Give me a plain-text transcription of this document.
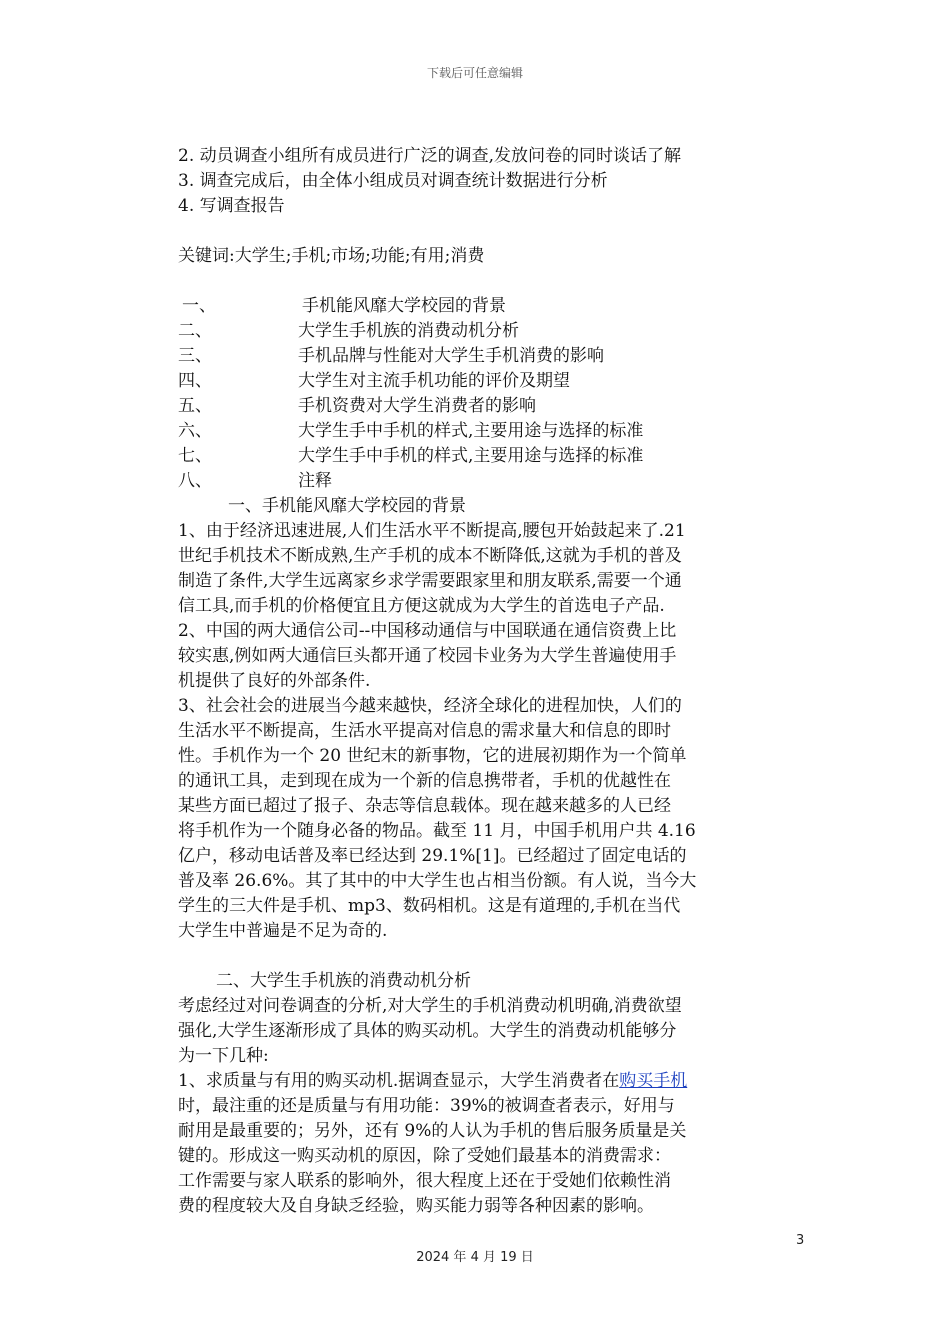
下载后可任意编辑

2. 动员调查小组所有成员进行广泛的调查,发放问卷的同时谈话了解

3. 调查完成后，由全体小组成员对调查统计数据进行分析

4. 写调查报告

关键词:大学生;手机;市场;功能;有用;消费

一、	手机能风靡大学校园的背景
二、	大学生手机族的消费动机分析
三、	手机品牌与性能对大学生手机消费的影响
四、	大学生对主流手机功能的评价及期望
五、	手机资费对大学生消费者的影响
六、	大学生手中手机的样式,主要用途与选择的标准
七、	大学生手中手机的样式,主要用途与选择的标准
八、	注释

一、手机能风靡大学校园的背景

1、由于经济迅速进展,人们生活水平不断提高,腰包开始鼓起来了.21

世纪手机技术不断成熟,生产手机的成本不断降低,这就为手机的普及

制造了条件,大学生远离家乡求学需要跟家里和朋友联系,需要一个通

信工具,而手机的价格便宜且方便这就成为大学生的首选电子产品.

2、中国的两大通信公司--中国移动通信与中国联通在通信资费上比

较实惠,例如两大通信巨头都开通了校园卡业务为大学生普遍使用手

机提供了良好的外部条件.

3、社会社会的进展当今越来越快，经济全球化的进程加快，人们的

生活水平不断提高，生活水平提高对信息的需求量大和信息的即时

性。手机作为一个 20 世纪末的新事物，它的进展初期作为一个简单

的通讯工具，走到现在成为一个新的信息携带者，手机的优越性在

某些方面已超过了报子、杂志等信息载体。现在越来越多的人已经

将手机作为一个随身必备的物品。截至 11 月，中国手机用户共 4.16

亿户，移动电话普及率已经达到 29.1%[1]。已经超过了固定电话的

普及率 26.6%。其了其中的中大学生也占相当份额。有人说，当今大

学生的三大件是手机、mp3、数码相机。这是有道理的,手机在当代

大学生中普遍是不足为奇的.

二、大学生手机族的消费动机分析

考虑经过对问卷调查的分析,对大学生的手机消费动机明确,消费欲望

强化,大学生逐渐形成了具体的购买动机。大学生的消费动机能够分

为一下几种:

1、求质量与有用的购买动机.据调查显示，大学生消费者在购买手机

时，最注重的还是质量与有用功能：39%的被调查者表示，好用与

耐用是最重要的；另外，还有 9%的人认为手机的售后服务质量是关

键的。形成这一购买动机的原因，除了受她们最基本的消费需求：

工作需要与家人联系的影响外，很大程度上还在于受她们依赖性消

费的程度较大及自身缺乏经验，购买能力弱等各种因素的影响。

3
2024 年 4 月 19 日
